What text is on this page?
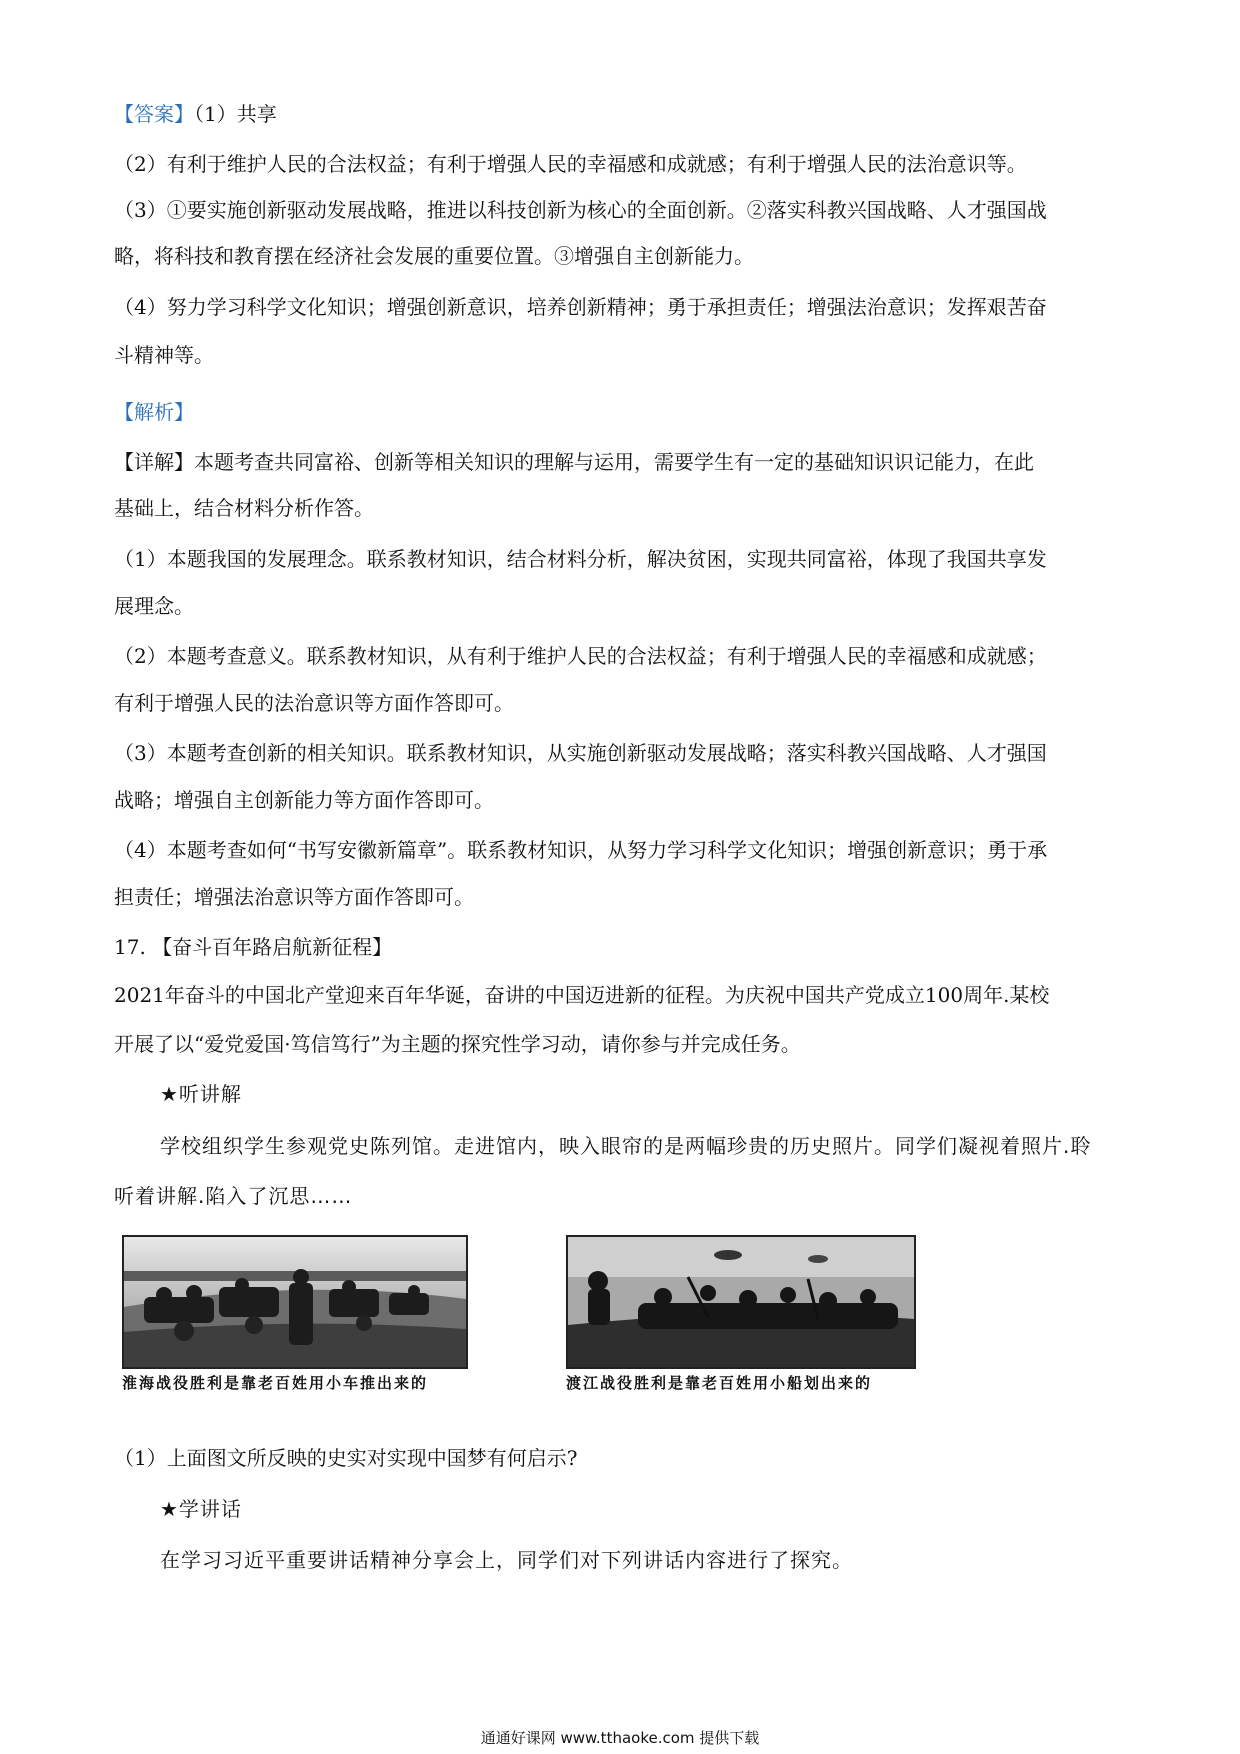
【答案】（1）共享
（2）有利于维护人民的合法权益；有利于增强人民的幸福感和成就感；有利于增强人民的法治意识等。
（3）①要实施创新驱动发展战略，推进以科技创新为核心的全面创新。②落实科教兴国战略、人才强国战
略，将科技和教育摆在经济社会发展的重要位置。③增强自主创新能力。
（4）努力学习科学文化知识；增强创新意识，培养创新精神；勇于承担责任；增强法治意识；发挥艰苦奋
斗精神等。
【解析】
【详解】本题考查共同富裕、创新等相关知识的理解与运用，需要学生有一定的基础知识识记能力，在此
基础上，结合材料分析作答。
（1）本题我国的发展理念。联系教材知识，结合材料分析，解决贫困，实现共同富裕，体现了我国共享发
展理念。
（2）本题考查意义。联系教材知识，从有利于维护人民的合法权益；有利于增强人民的幸福感和成就感；
有利于增强人民的法治意识等方面作答即可。
（3）本题考查创新的相关知识。联系教材知识，从实施创新驱动发展战略；落实科教兴国战略、人才强国
战略；增强自主创新能力等方面作答即可。
（4）本题考查如何“书写安徽新篇章”。联系教材知识，从努力学习科学文化知识；增强创新意识；勇于承
担责任；增强法治意识等方面作答即可。
17. 【奋斗百年路启航新征程】
2021年奋斗的中国北产堂迎来百年华诞，奋讲的中国迈进新的征程。为庆祝中国共产党成立100周年.某校
开展了以“爱党爱国·笃信笃行”为主题的探究性学习动，请你参与并完成任务。
★听讲解
学校组织学生参观党史陈列馆。走进馆内，映入眼帘的是两幅珍贵的历史照片。同学们凝视着照片.聆
听着讲解.陷入了沉思……
淮海战役胜利是靠老百姓用小车推出来的	渡江战役胜利是靠老百姓用小船划出来的
（1）上面图文所反映的史实对实现中国梦有何启示?
★学讲话
在学习习近平重要讲话精神分享会上，同学们对下列讲话内容进行了探究。
通通好课网 www.tthaoke.com 提供下载
